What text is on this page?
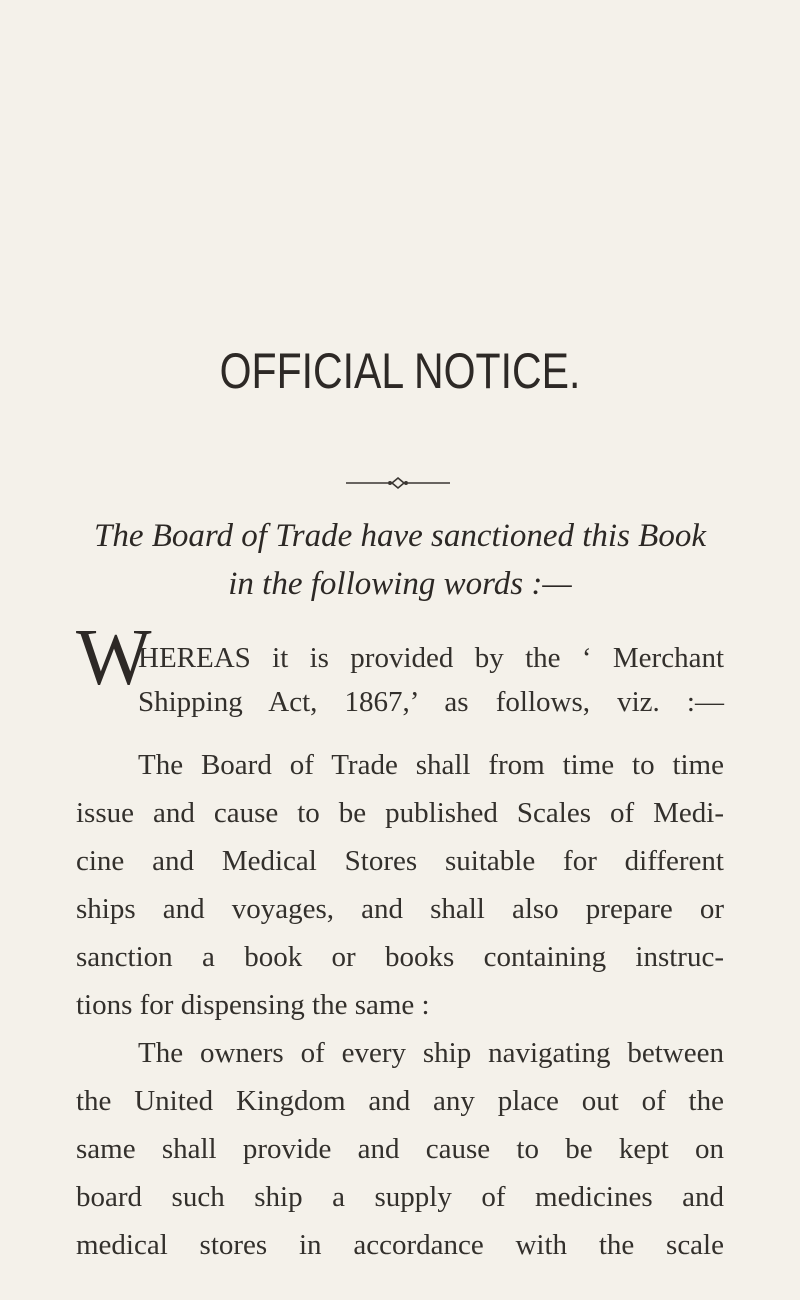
OFFICIAL NOTICE.
The Board of Trade have sanctioned this Book
in the following words :—
W
HEREAS it is provided by the ‘ Merchant
Shipping Act, 1867,’ as follows, viz. :—
The Board of Trade shall from time to time
issue and cause to be published Scales of Medi-
cine and Medical Stores suitable for different
ships and voyages, and shall also prepare or
sanction a book or books containing instruc-
tions for dispensing the same :
The owners of every ship navigating between
the United Kingdom and any place out of the
same shall provide and cause to be kept on
board such ship a supply of medicines and
medical stores in accordance with the scale
